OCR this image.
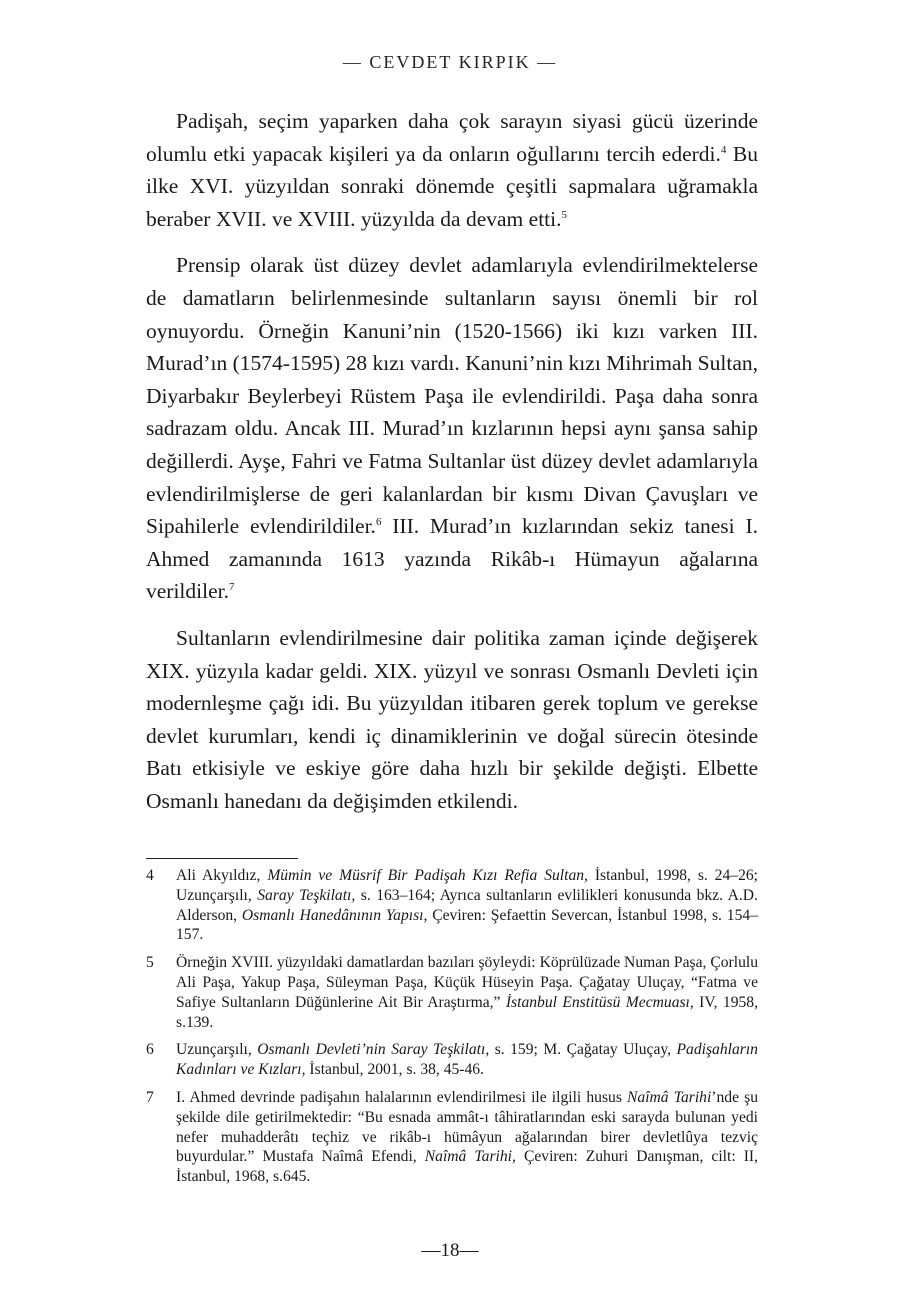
— CEVDET KIRPIK —

Padişah, seçim yaparken daha çok sarayın siyasi gücü üzerinde olumlu etki yapacak kişileri ya da onların oğullarını tercih ederdi.$^4$ Bu ilke XVI. yüzyıldan sonraki dönemde çeşitli sapmalara uğramakla beraber XVII. ve XVIII. yüzyılda da devam etti.$^5$

Prensip olarak üst düzey devlet adamlarıyla evlendirilmektelerse de damatların belirlenmesinde sultanların sayısı önemli bir rol oynuyordu. Örneğin Kanuni’nin (1520-1566) iki kızı varken III. Murad’ın (1574-1595) 28 kızı vardı. Kanuni’nin kızı Mihrimah Sultan, Diyarbakır Beylerbeyi Rüstem Paşa ile evlendirildi. Paşa daha sonra sadrazam oldu. Ancak III. Murad’ın kızlarının hepsi aynı şansa sahip değillerdi. Ayşe, Fahri ve Fatma Sultanlar üst düzey devlet adamlarıyla evlendirilmişlerse de geri kalanlardan bir kısmı Divan Çavuşları ve Sipahilerle evlendirildiler.$^6$ III. Murad’ın kızlarından sekiz tanesi I. Ahmed zamanında 1613 yazında Rikâb-ı Hümayun ağalarına verildiler.$^7$

Sultanların evlendirilmesine dair politika zaman içinde değişerek XIX. yüzyıla kadar geldi. XIX. yüzyıl ve sonrası Osmanlı Devleti için modernleşme çağı idi. Bu yüzyıldan itibaren gerek toplum ve gerekse devlet kurumları, kendi iç dinamiklerinin ve doğal sürecin ötesinde Batı etkisiyle ve eskiye göre daha hızlı bir şekilde değişti. Elbette Osmanlı hanedanı da değişimden etkilendi.

4	Ali Akyıldız, Mümin ve Müsrif Bir Padişah Kızı Refia Sultan, İstanbul, 1998, s. 24–26; Uzunçarşılı, Saray Teşkilatı, s. 163–164; Ayrıca sultanların evlilikleri konusunda bkz. A.D. Alderson, Osmanlı Hanedânının Yapısı, Çeviren: Şefaettin Severcan, İstanbul 1998, s. 154–157.
5	Örneğin XVIII. yüzyıldaki damatlardan bazıları şöyleydi: Köprülüzade Numan Paşa, Çorlulu Ali Paşa, Yakup Paşa, Süleyman Paşa, Küçük Hüseyin Paşa. Çağatay Uluçay, “Fatma ve Safiye Sultanların Düğünlerine Ait Bir Araştırma,” İstanbul Enstitüsü Mecmuası, IV, 1958, s.139.
6	Uzunçarşılı, Osmanlı Devleti’nin Saray Teşkilatı, s. 159; M. Çağatay Uluçay, Padişahların Kadınları ve Kızları, İstanbul, 2001, s. 38, 45-46.
7	I. Ahmed devrinde padişahın halalarının evlendirilmesi ile ilgili husus Naîmâ Tarihi’nde şu şekilde dile getirilmektedir: “Bu esnada ammât-ı tâhiratlarından eski sarayda bulunan yedi nefer muhadderâtı teçhiz ve rikâb-ı hümâyun ağalarından birer devletlûya tezviç buyurdular.” Mustafa Naîmâ Efendi, Naîmâ Tarihi, Çeviren: Zuhuri Danışman, cilt: II, İstanbul, 1968, s.645.
—18—
